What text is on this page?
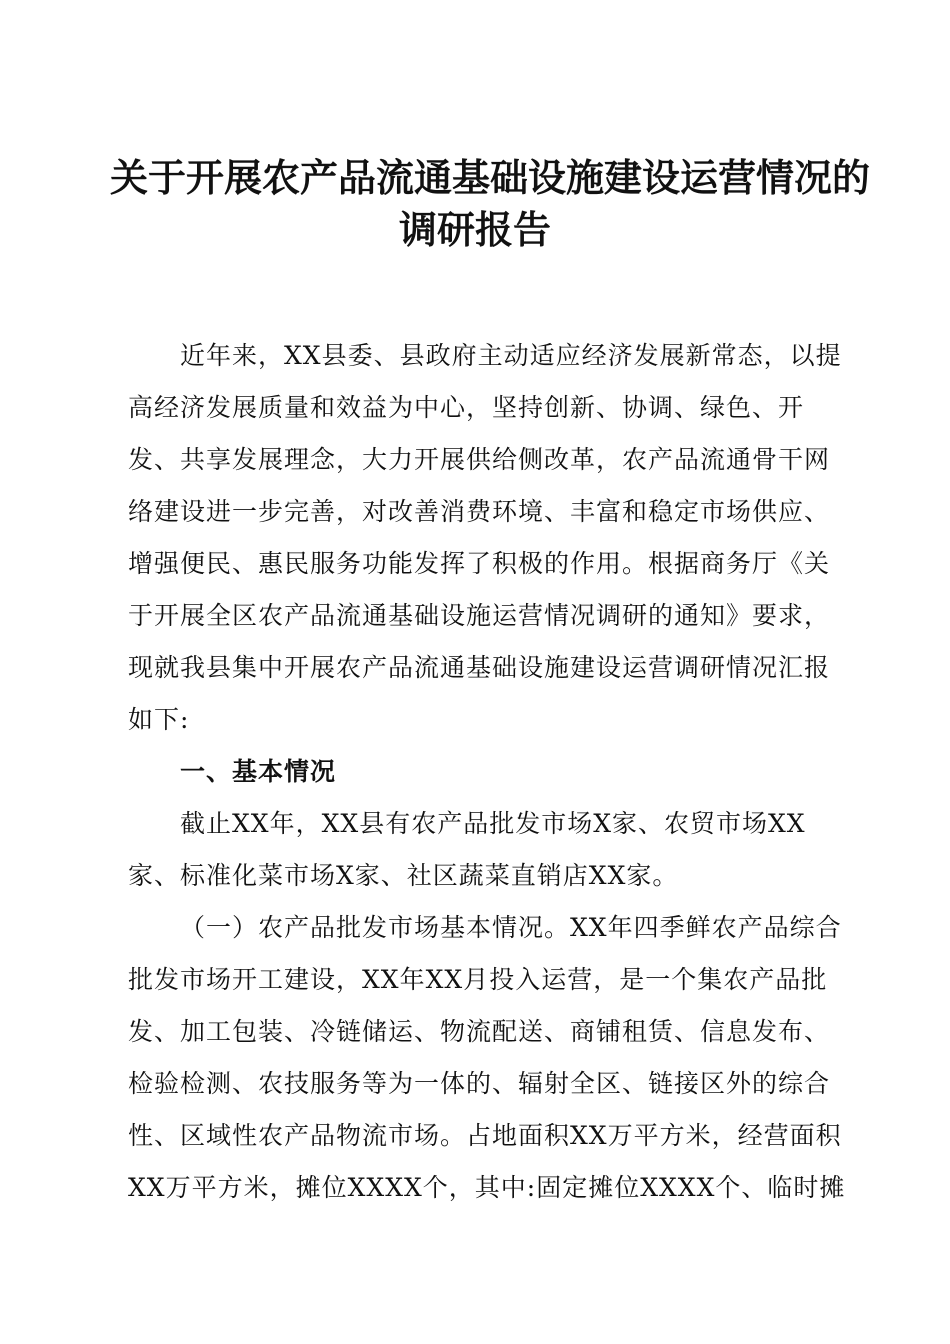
关于开展农产品流通基础设施建设运营情况的
调研报告
近年来，XX县委、县政府主动适应经济发展新常态，以提
高经济发展质量和效益为中心，坚持创新、协调、绿色、开
发、共享发展理念，大力开展供给侧改革，农产品流通骨干网
络建设进一步完善，对改善消费环境、丰富和稳定市场供应、
增强便民、惠民服务功能发挥了积极的作用。根据商务厅《关
于开展全区农产品流通基础设施运营情况调研的通知》要求，
现就我县集中开展农产品流通基础设施建设运营调研情况汇报
如下:
一、基本情况
截止XX年，XX县有农产品批发市场X家、农贸市场XX
家、标准化菜市场X家、社区蔬菜直销店XX家。
（一）农产品批发市场基本情况。XX年四季鲜农产品综合
批发市场开工建设，XX年XX月投入运营，是一个集农产品批
发、加工包装、冷链储运、物流配送、商铺租赁、信息发布、
检验检测、农技服务等为一体的、辐射全区、链接区外的综合
性、区域性农产品物流市场。占地面积XX万平方米，经营面积
XX万平方米，摊位XXXX个，其中:固定摊位XXXX个、临时摊
